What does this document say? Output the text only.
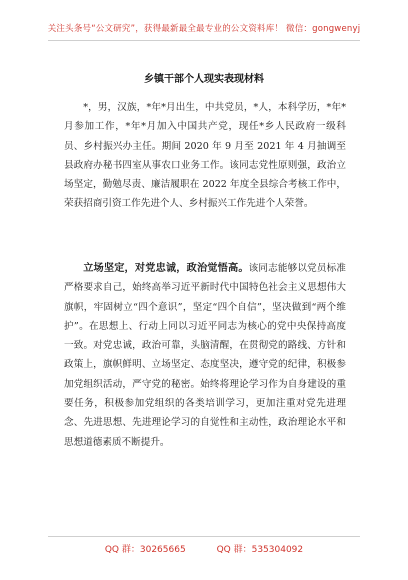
关注头条号“公文研究”，获得最新最全最专业的公文资料库！ 微信：gongwenyj
乡镇干部个人现实表现材料

*，男，汉族，*年*月出生，中共党员，*人，本科学历，*年*月参加工作，*年*月加入中国共产党，现任*乡人民政府一级科员、乡村振兴办主任。期间 2020 年 9 月至 2021 年 4 月抽调至县政府办秘书四室从事农口业务工作。该同志党性原则强，政治立场坚定，勤勉尽责、廉洁履职在 2022 年度全县综合考核工作中，荣获招商引资工作先进个人、乡村振兴工作先进个人荣誉。

立场坚定，对党忠诚，政治觉悟高。该同志能够以党员标准严格要求自己，始终高举习近平新时代中国特色社会主义思想伟大旗帜，牢固树立“四个意识”，坚定“四个自信”，坚决做到“两个维护”。在思想上、行动上同以习近平同志为核心的党中央保持高度一致。对党忠诚，政治可靠，头脑清醒，在贯彻党的路线、方针和政策上，旗帜鲜明、立场坚定、态度坚决，遵守党的纪律，积极参加党组织活动，严守党的秘密。始终将理论学习作为自身建设的重要任务，积极参加党组织的各类培训学习，更加注重对党先进理念、先进思想、先进理论学习的自觉性和主动性，政治理论水平和思想道德素质不断提升。

QQ 群：30265665	QQ 群：535304092
